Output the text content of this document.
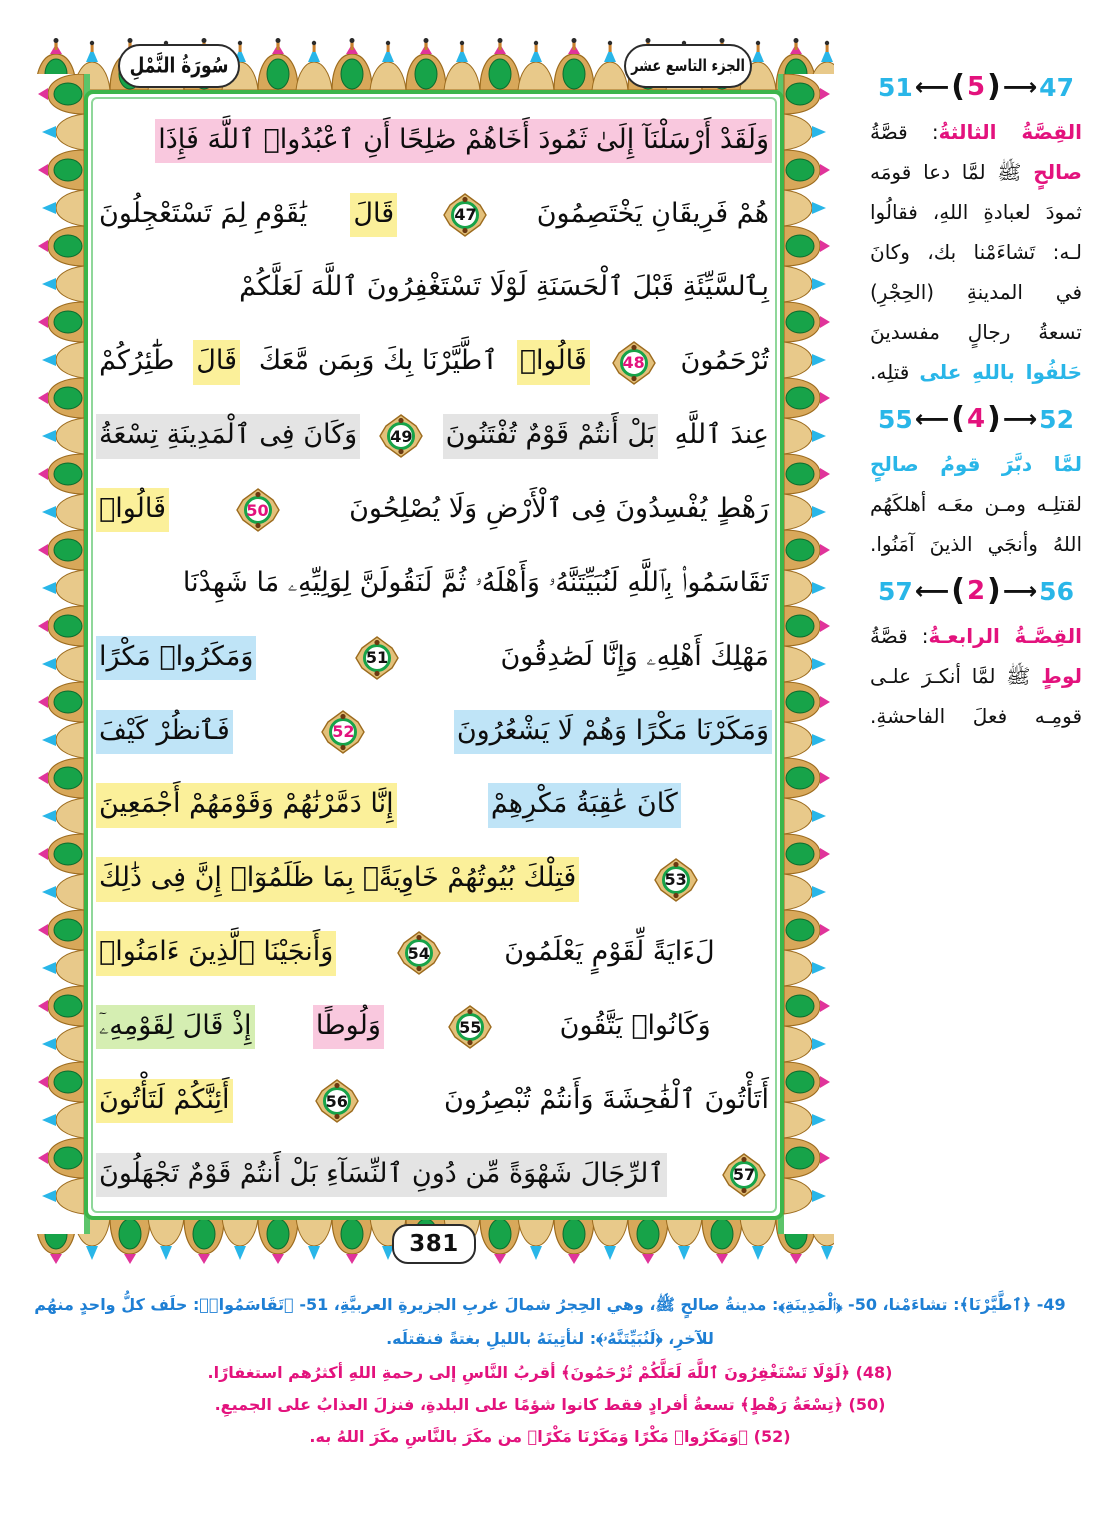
سُورَةُ النَّمْلِ	الجزء التاسع عشر
381
وَلَقَدْ أَرْسَلْنَآ إِلَىٰ ثَمُودَ أَخَاهُمْ صَٰلِحًا أَنِ ٱعْبُدُوا۟ ٱللَّهَ فَإِذَا
هُمْ فَرِيقَانِ يَخْتَصِمُونَ
47
قَالَ
يَٰقَوْمِ لِمَ تَسْتَعْجِلُونَ
بِٱلسَّيِّئَةِ قَبْلَ ٱلْحَسَنَةِ لَوْلَا تَسْتَغْفِرُونَ ٱللَّهَ لَعَلَّكُمْ
تُرْحَمُونَ
48
قَالُوا۟
ٱطَّيَّرْنَا بِكَ وَبِمَن مَّعَكَ
قَالَ
طَٰٓئِرُكُمْ
عِندَ ٱللَّهِ
بَلْ أَنتُمْ قَوْمٌ تُفْتَنُونَ
49
وَكَانَ فِى ٱلْمَدِينَةِ تِسْعَةُ
رَهْطٍ يُفْسِدُونَ فِى ٱلْأَرْضِ وَلَا يُصْلِحُونَ
50
قَالُوا۟
تَقَاسَمُوا۟ بِٱللَّهِ لَنُبَيِّتَنَّهُۥ وَأَهْلَهُۥ ثُمَّ لَنَقُولَنَّ لِوَلِيِّهِۦ مَا شَهِدْنَا
مَهْلِكَ أَهْلِهِۦ وَإِنَّا لَصَٰدِقُونَ
51
وَمَكَرُوا۟ مَكْرًا
وَمَكَرْنَا مَكْرًا وَهُمْ لَا يَشْعُرُونَ
52
فَٱنظُرْ كَيْفَ
كَانَ عَٰقِبَةُ مَكْرِهِمْ
إِنَّا دَمَّرْنَٰهُمْ وَقَوْمَهُمْ أَجْمَعِينَ
53
فَتِلْكَ بُيُوتُهُمْ خَاوِيَةًۢ بِمَا ظَلَمُوٓا۟ إِنَّ فِى ذَٰلِكَ
لَءَايَةً لِّقَوْمٍ يَعْلَمُونَ
54
وَأَنجَيْنَا ٱلَّذِينَ ءَامَنُوا۟
وَكَانُوا۟ يَتَّقُونَ
55
وَلُوطًا
إِذْ قَالَ لِقَوْمِهِۦٓ
أَتَأْتُونَ ٱلْفَٰحِشَةَ وَأَنتُمْ تُبْصِرُونَ
56
أَئِنَّكُمْ لَتَأْتُونَ
57
ٱلرِّجَالَ شَهْوَةً مِّن دُونِ ٱلنِّسَآءِ بَلْ أَنتُمْ قَوْمٌ تَجْهَلُونَ
51 ⟵ ( 5 ) ⟶ 47

القِصَّةُ الثالثةُ: قصَّةُ صالحٍ ﷺ لمَّا دعا قومَه ثمودَ لعبادةِ اللهِ، فقالُوا لـه: تَشاءَمْنا بك، وكانَ في المدينةِ (الحِجْرِ) تسعةُ رجالٍ مفسدينَ حَلفُوا باللهِ على قتلِه.

55 ⟵ ( 4 ) ⟶ 52

لمَّا دبَّرَ قومُ صالحٍ لقتلِـه ومـن معَـه أهلكَهُم اللهُ وأنجَي الذينَ آمَنُوا.

57 ⟵ ( 2 ) ⟶ 56

القِصَّـةُ الرابعـةُ: قصَّةُ لوطٍ ﷺ لمَّا أنكـرَ علـى قومِـه فعلَ الفاحشةِ.

49- ﴿ٱطَّيَّرْنَا﴾: تشاءَمْنا، 50- ﴿ٱلْمَدِينَةِ﴾: مدينةُ صالحٍ ﷺ، وهي الحِجرُ شمالَ غربِ الجزيرةِ العربيَّةِ، 51- ﴿تَقَاسَمُوا۟﴾: حلَف كلُّ واحدٍ منهُم
للآخرِ، ﴿لَنُبَيِّتَنَّهُۥ﴾: لنأتِينَهُ بالليلِ بغتةً فنقتلَه.
(48) ﴿لَوْلَا تَسْتَغْفِرُونَ ٱللَّهَ لَعَلَّكُمْ تُرْحَمُونَ﴾ أقربُ النَّاسِ إلى رحمةِ اللهِ أكثرُهم استغفارًا.
(50) ﴿تِسْعَةُ رَهْطٍ﴾ تسعةُ أفرادٍ فقط كانوا شؤمًا على البلدةِ، فنزلَ العذابُ على الجميعِ.
(52) ﴿وَمَكَرُوا۟ مَكْرًا وَمَكَرْنَا مَكْرًا﴾ من مكَرَ بالنَّاسِ مكَرَ اللهُ به.
